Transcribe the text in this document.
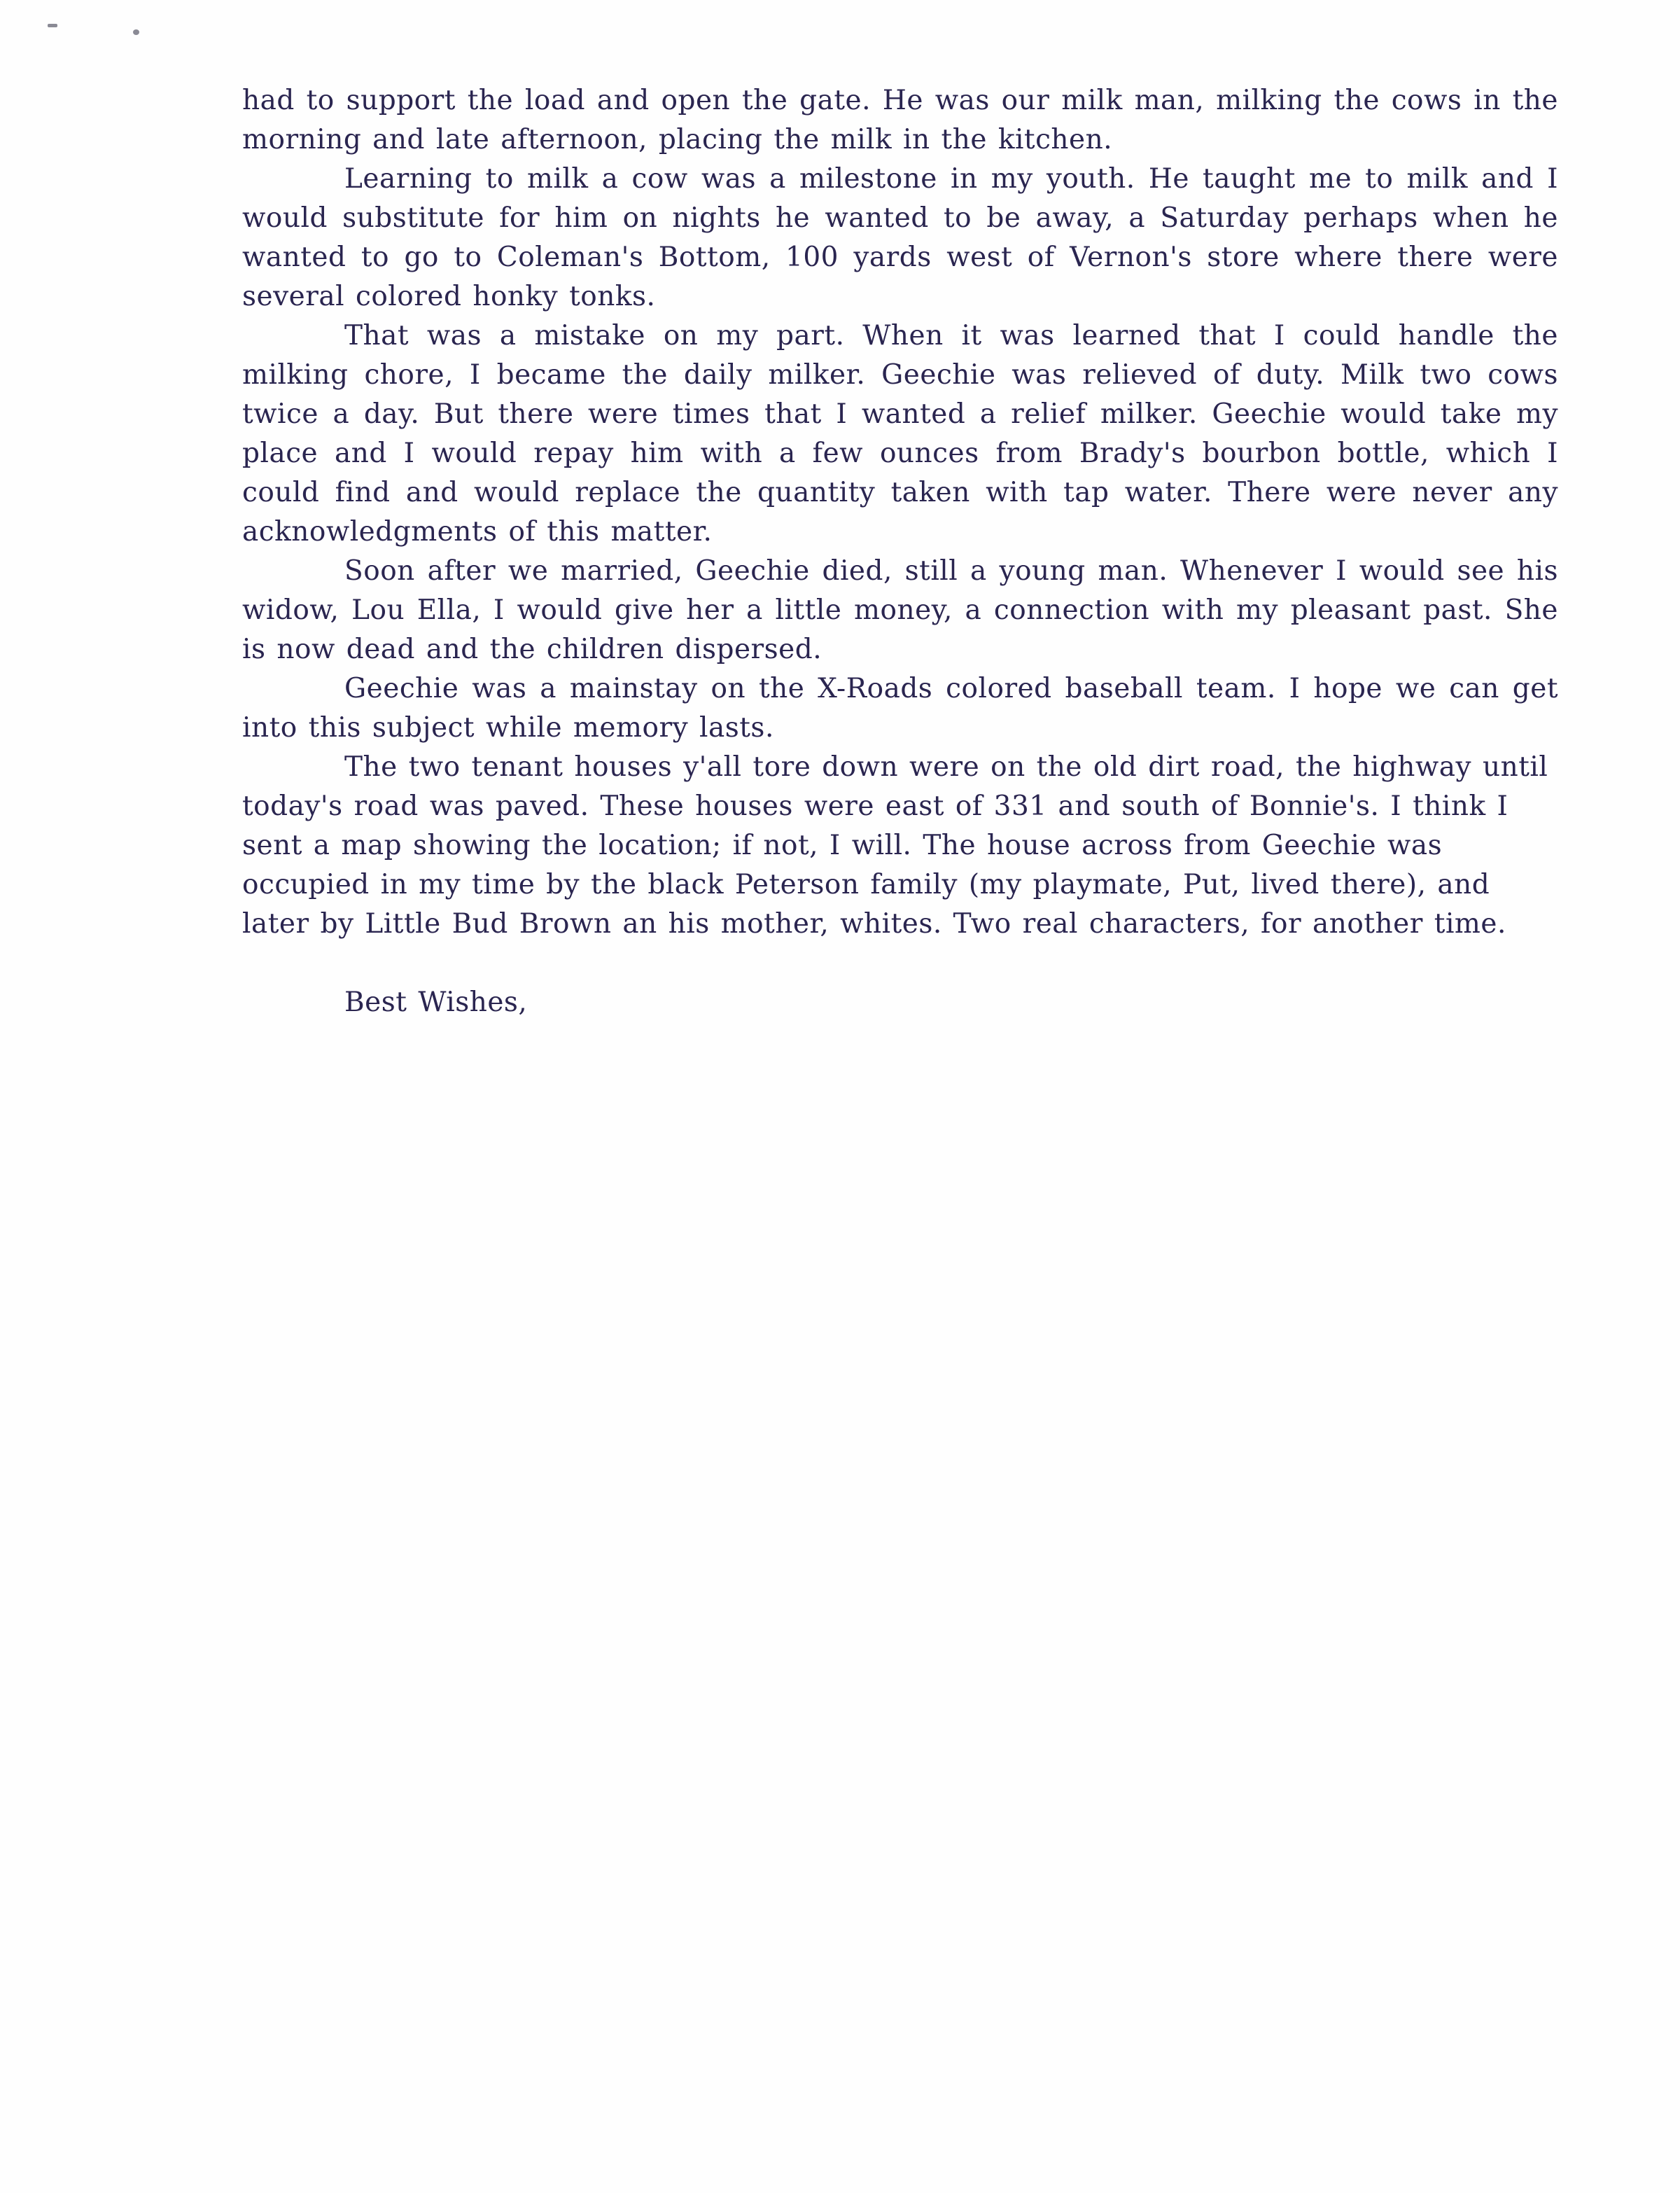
had to support the load and open the gate. He was our milk man, milking the cows in the morning and late afternoon, placing the milk in the kitchen.

Learning to milk a cow was a milestone in my youth. He taught me to milk and I would substitute for him on nights he wanted to be away, a Saturday perhaps when he wanted to go to Coleman's Bottom, 100 yards west of Vernon's store where there were several colored honky tonks.

That was a mistake on my part. When it was learned that I could handle the milking chore, I became the daily milker. Geechie was relieved of duty. Milk two cows twice a day. But there were times that I wanted a relief milker. Geechie would take my place and I would repay him with a few ounces from Brady's bourbon bottle, which I could find and would replace the quantity taken with tap water. There were never any acknowledgments of this matter.

Soon after we married, Geechie died, still a young man. Whenever I would see his widow, Lou Ella, I would give her a little money, a connection with my pleasant past. She is now dead and the children dispersed.

Geechie was a mainstay on the X-Roads colored baseball team. I hope we can get into this subject while memory lasts.

The two tenant houses y'all tore down were on the old dirt road, the highway until today's road was paved. These houses were east of 331 and south of Bonnie's. I think I sent a map showing the location; if not, I will. The house across from Geechie was occupied in my time by the black Peterson family (my playmate, Put, lived there), and later by Little Bud Brown an his mother, whites. Two real characters, for another time.

Best Wishes,
